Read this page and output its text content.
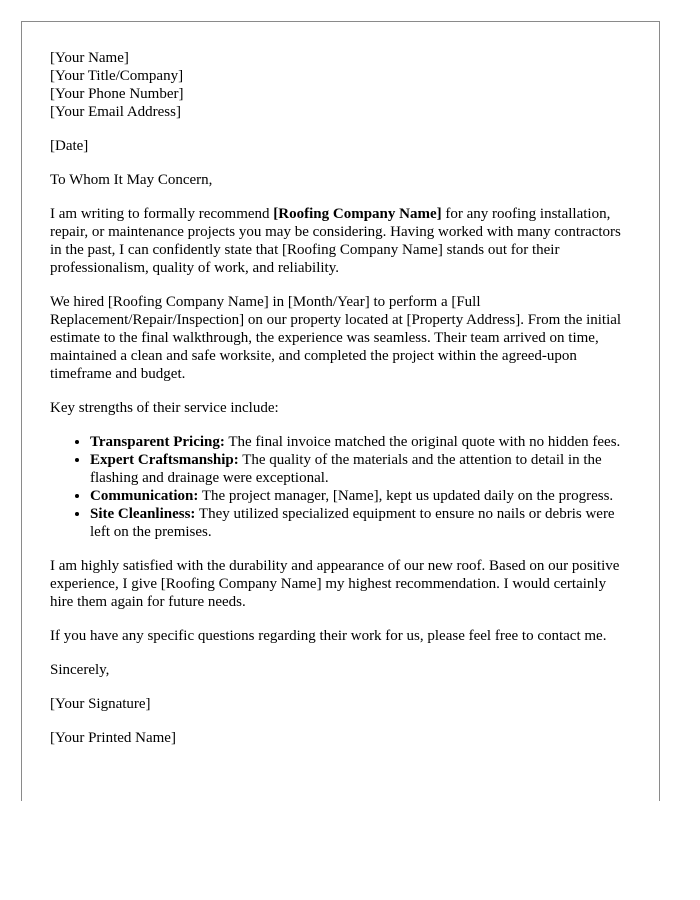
[Your Name]
[Your Title/Company]
[Your Phone Number]
[Your Email Address]

[Date]

To Whom It May Concern,

I am writing to formally recommend [Roofing Company Name] for any roofing installation, repair, or maintenance projects you may be considering. Having worked with many contractors in the past, I can confidently state that [Roofing Company Name] stands out for their professionalism, quality of work, and reliability.

We hired [Roofing Company Name] in [Month/Year] to perform a [Full Replacement/Repair/Inspection] on our property located at [Property Address]. From the initial estimate to the final walkthrough, the experience was seamless. Their team arrived on time, maintained a clean and safe worksite, and completed the project within the agreed-upon timeframe and budget.

Key strengths of their service include:

• Transparent Pricing: The final invoice matched the original quote with no hidden fees.
• Expert Craftsmanship: The quality of the materials and the attention to detail in the flashing and drainage were exceptional.
• Communication: The project manager, [Name], kept us updated daily on the progress.
• Site Cleanliness: They utilized specialized equipment to ensure no nails or debris were left on the premises.

I am highly satisfied with the durability and appearance of our new roof. Based on our positive experience, I give [Roofing Company Name] my highest recommendation. I would certainly hire them again for future needs.

If you have any specific questions regarding their work for us, please feel free to contact me.

Sincerely,

[Your Signature]

[Your Printed Name]
